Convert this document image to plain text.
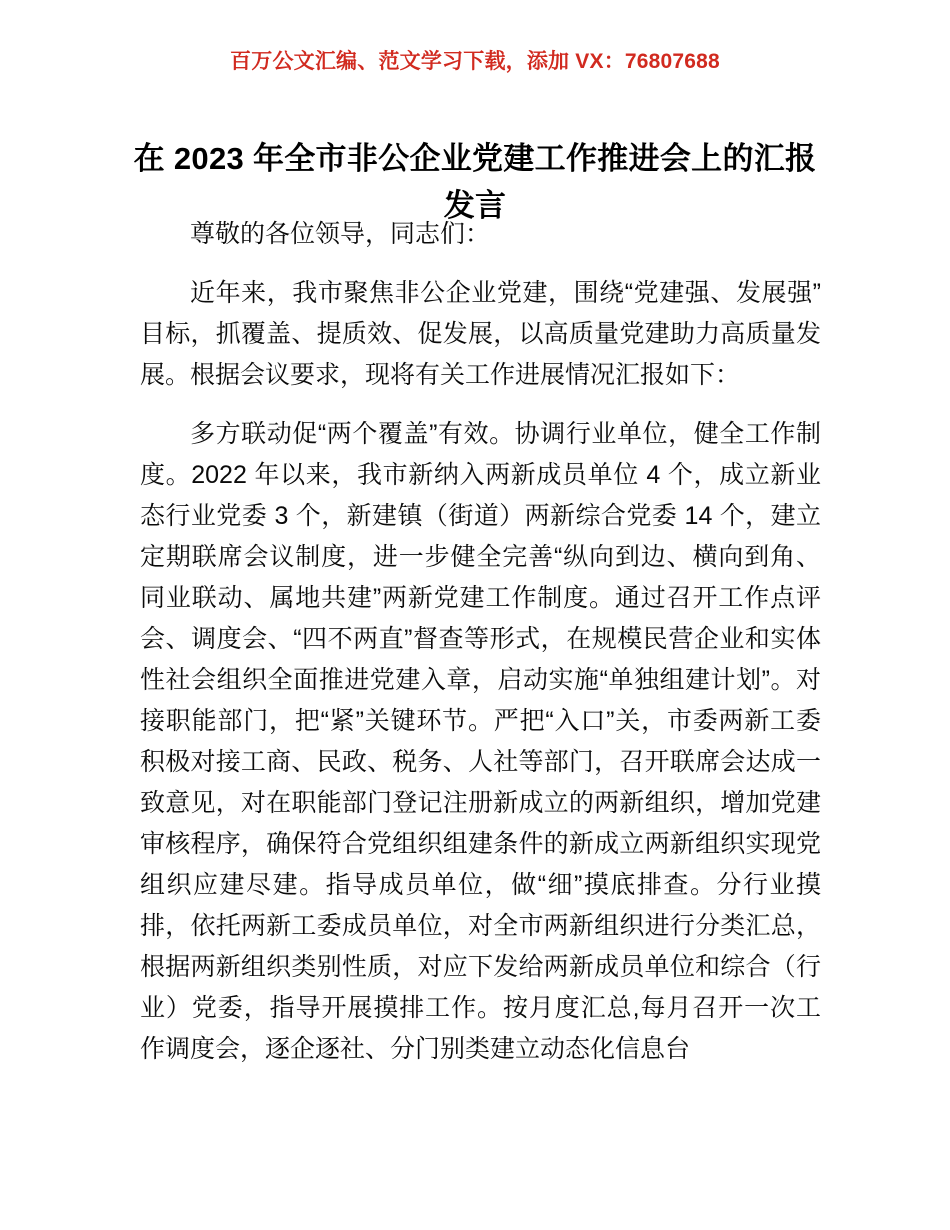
百万公文汇编、范文学习下载，添加 VX：76807688
在 2023 年全市非公企业党建工作推进会上的汇报发言

尊敬的各位领导，同志们：

近年来，我市聚焦非公企业党建，围绕“党建强、发展强”目标，抓覆盖、提质效、促发展，以高质量党建助力高质量发展。根据会议要求，现将有关工作进展情况汇报如下：

多方联动促“两个覆盖”有效。协调行业单位，健全工作制度。2022 年以来，我市新纳入两新成员单位 4 个，成立新业态行业党委 3 个，新建镇（街道）两新综合党委 14 个，建立定期联席会议制度，进一步健全完善“纵向到边、横向到角、同业联动、属地共建”两新党建工作制度。通过召开工作点评会、调度会、“四不两直”督查等形式，在规模民营企业和实体性社会组织全面推进党建入章，启动实施“单独组建计划”。对接职能部门，把“紧”关键环节。严把“入口”关，市委两新工委积极对接工商、民政、税务、人社等部门，召开联席会达成一致意见，对在职能部门登记注册新成立的两新组织，增加党建审核程序，确保符合党组织组建条件的新成立两新组织实现党组织应建尽建。指导成员单位，做“细”摸底排查。分行业摸排，依托两新工委成员单位，对全市两新组织进行分类汇总，根据两新组织类别性质，对应下发给两新成员单位和综合（行业）党委，指导开展摸排工作。按月度汇总,每月召开一次工作调度会，逐企逐社、分门别类建立动态化信息台
